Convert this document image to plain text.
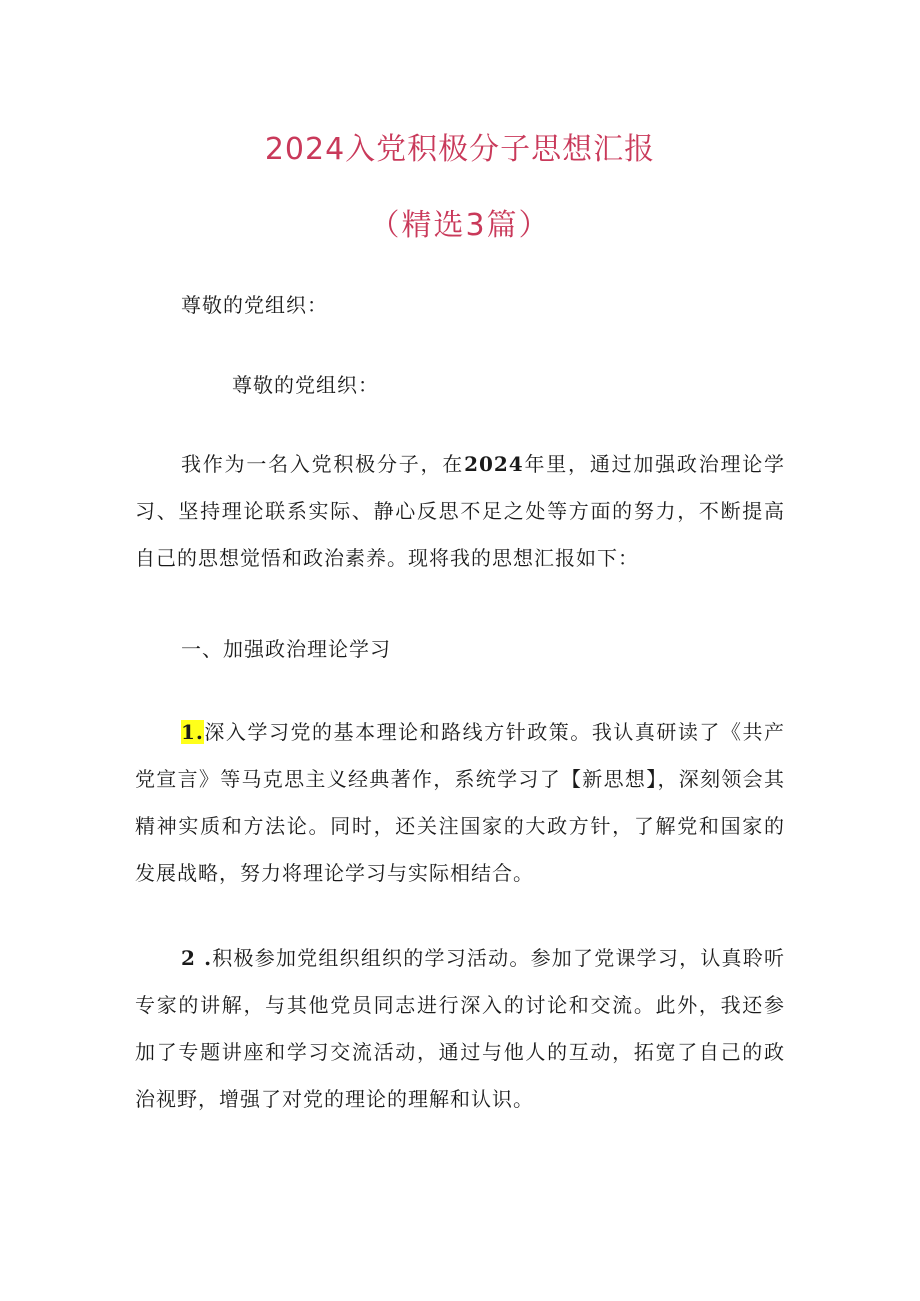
2024入党积极分子思想汇报
（精选3篇）

尊敬的党组织：

尊敬的党组织：

我作为一名入党积极分子，在2024年里，通过加强政治理论学习、坚持理论联系实际、静心反思不足之处等方面的努力，不断提高自己的思想觉悟和政治素养。现将我的思想汇报如下：

一、加强政治理论学习

1.深入学习党的基本理论和路线方针政策。我认真研读了《共产党宣言》等马克思主义经典著作，系统学习了【新思想】，深刻领会其精神实质和方法论。同时，还关注国家的大政方针，了解党和国家的发展战略，努力将理论学习与实际相结合。

2 .积极参加党组织组织的学习活动。参加了党课学习，认真聆听专家的讲解，与其他党员同志进行深入的讨论和交流。此外，我还参加了专题讲座和学习交流活动，通过与他人的互动，拓宽了自己的政治视野，增强了对党的理论的理解和认识。
